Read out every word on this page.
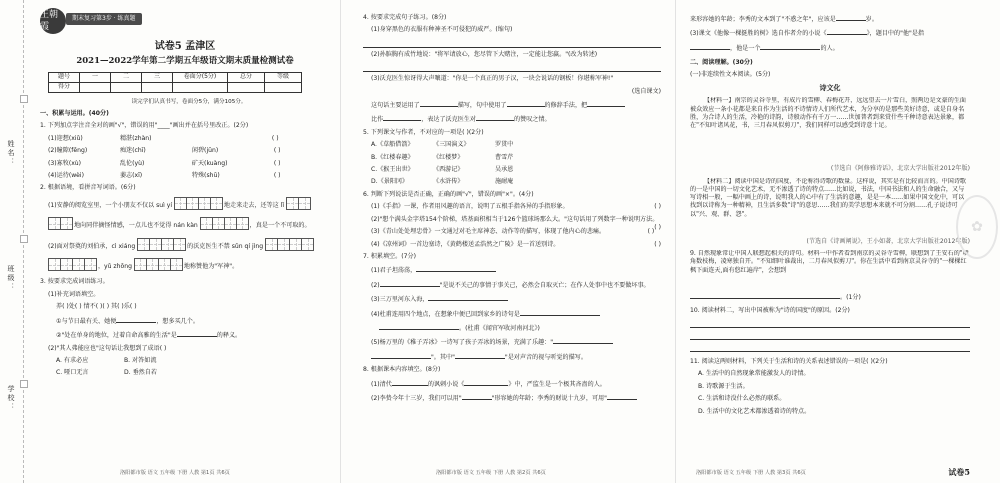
姓名：
班级：
学校：
王朝霞
期末复习第3步 · 练真题
试卷5 孟津区
2021—2022学年第二学期五年级语文期末质量检测试卷
题号	一	二	三	卷面分(5分)	总分	等级
得分						
读完学们认真书写，卷面分5分，满分105分。
一、积累与运用。(40分)
1. 下列加点字注音全对的画"√"，错误的用"____"画出并在括号里改正。(2分)
(1)迎想(xiǔ)	精湛(zhàn)	( )
(2)瞳隙(fēng)	痴迷(chī)	闲碧(jūn)	( )
(3)寡牧(xù)	乱伦(yù)	矿天(kuàng)	( )
(4)运待(wèi)	萎志(xī)	特殊(shū)	( )
2. 根据语境，看拼音写词语。(6分)
(1)安静的阅览室里，一个小朋友不仅以 suì yí	地走来走去，还等这 lǐ
地向同伴摘怪情感，一点儿也不觉得 nán kàn	，真是一个不可取的。
(2)面对祭奠的刘伯承，cì xiáng	的沃克医生不禁 sǔn qí jìng
，yǔ zhōng	地称赞他为"军神"。
3. 按要求完成词语练习。
(1)补充词语填空。
养( )处( ) 情不( )( ) 其( )乐( )
①与节日最有关、她便	，想多买几个。
②"处在单身的地位，过着自命高雅的生活"是	的释义。
(2)"其人弗能应也"这句话让我想到了成语( )
A. 有求必应	B. 对答如流
C. 哑口无言	D. 垂然自若
洛阳都市版 语文 五年级 下册 人教 第1页 共6页
4. 按要求完成句子练习。(8分)
(1)身穿黑色的衣服有种神圣不可侵犯的威严。(缩句)
(2)孙膑胸有成竹地说："将军请放心，您尽管下大赌注，一定能让您赢。"(改为转述)
(3)沃克医生惊讶得大声嚷道："你是一个真正的男子汉，一块会说话的钢板！你堪称军神!"
(选自课文)
这句话主要运用了	描写，句中使用了	的修辞手法，把
比作	，表达了沃克医生对	的赞叹之情。
5. 下列课文与作者，不对应的一项是( )(2分)
A.《草船借箭》	《三国演义》	罗贯中
B.《红楼春趣》	《红楼梦》	曹雪芹
C.《猴王出世》	《西游记》	吴承恩
D.《景阳冈》	《水浒传》	施耐庵
6. 判断下列说法是否正确，正确的画"√"，错误的画"×"。(4分)
(1)《手指》一课，作者用风趣的语言，说明了五根手指各异的手指形象。	( )
(2)"想个满头金字塔154个阶梯，塔基面积相当于126个篮球场那么大。"这句话用了列数字一种说明方法。
( )
(3)《青山处处埋忠骨》一文通过对毛主席神态、动作等的描写，体现了他内心的悲痛。	( )
(4)《凉州词》一首边塞诗，《黄鹤楼送孟浩然之广陵》是一首送别诗。	( )
7. 积累填空。(7分)
(1)君子坦荡荡，
(2)	"是说不关己的事情于事关己，必然会自取灭亡；在作人处事中也不要做坏事。
(3)三万里河东入海，
(4)杜甫连用四个地点，在想象中便已回到家乡的诗句是
。(杜甫《闻官军收河南河北》)
(5)杨万里的《稚子弄冰》一诗写了孩子弄冰的场景，充满了乐趣："
"。其中"	"是对声音的视与听觉的描写。
8. 根据课本内容填空。(8分)
(1)清代	的讽刺小说《	》中，严监生是一个极其吝啬的人。
(2)李贽今年十三岁，我们可以用"	"形容她的年龄；李秀的财说十九岁，可用"
洛阳都市版 语文 五年级 下册 人教 第2页 共6页
来形容她的年龄；李秀的文本到了"不惑之年"，应该是	岁。
(3)课文《他像一棵挺胜的树》选自作者介的小说《	》，题目中的"他"是指
，他是一个	的人。
二、阅读理解。(30分)
(一)非连续性文本阅读。(5分)
诗文化
【材料一】南宗的灵谷寺里，有成片的雪柳、春梅花开，远远望去一片雪白，照两边是文豪的生面被众效应一条小花都是来自作为生活的不诗情诗人们所代艺术，为分享的是那些美好诗意，或是自身名胜，为合诗人的生活，冷艳的诗韵，诗般动作有千万一……世加普者到来赏什些千种诗意表达景象，都在"不知叶诸风花，书，三月春风似剪刀"，我们同样可以感受到诗意十足。
(节选自《阿修雅诗话》，北京大学出版社2012年版)
【材料二】阅读中国是诗的国度，不论称得诗歌的数量。这样说，其实是有比较而言的。中国诗歌的一是中国的一切文化艺术，无不渗透了诗的特点……比如说，书法，中国书法和人的生命融合，又与写诗相一般，一幅中画上的诗，说明我人的心中有了生活的意趣，是是一本……如果中国文化中，可以找到以诗称为一种精神，且生活多数"诗"的意思……我们的美学思想本来就不可分割……孔子说诗可以"兴、观、群、怨"。
(节选自《诗画阐说》，王小如著，北京大学出版社2012年版)
9. 自然现象常让中国人联想起相关的诗句。材料一中作者看到南京的灵谷寺雪柳，联想到了王安石的"墙角数枝梅，凌寒独自开。"不知细叶谁裁出，二月春风似剪刀"。你在生活中看到南京灵谷寺的"一棵棵红枫下面连天,面有悠红遍岸"，会想到
。(1分)
10. 阅读材料二，写出中国被称为"诗的国度"的原因。(2分)
11. 阅读这两则材料，下列关于生活和诗的关系表述错误的一项是( )(2分)
A. 生活中的自然现象常能激发人的诗情。
B. 诗歌源于生活。
C. 生活和诗没什么必然的联系。
D. 生活中的文化艺术都渗透着诗的特点。
洛阳都市版 语文 五年级 下册 人教 第3页 共6页	试卷5
✿
